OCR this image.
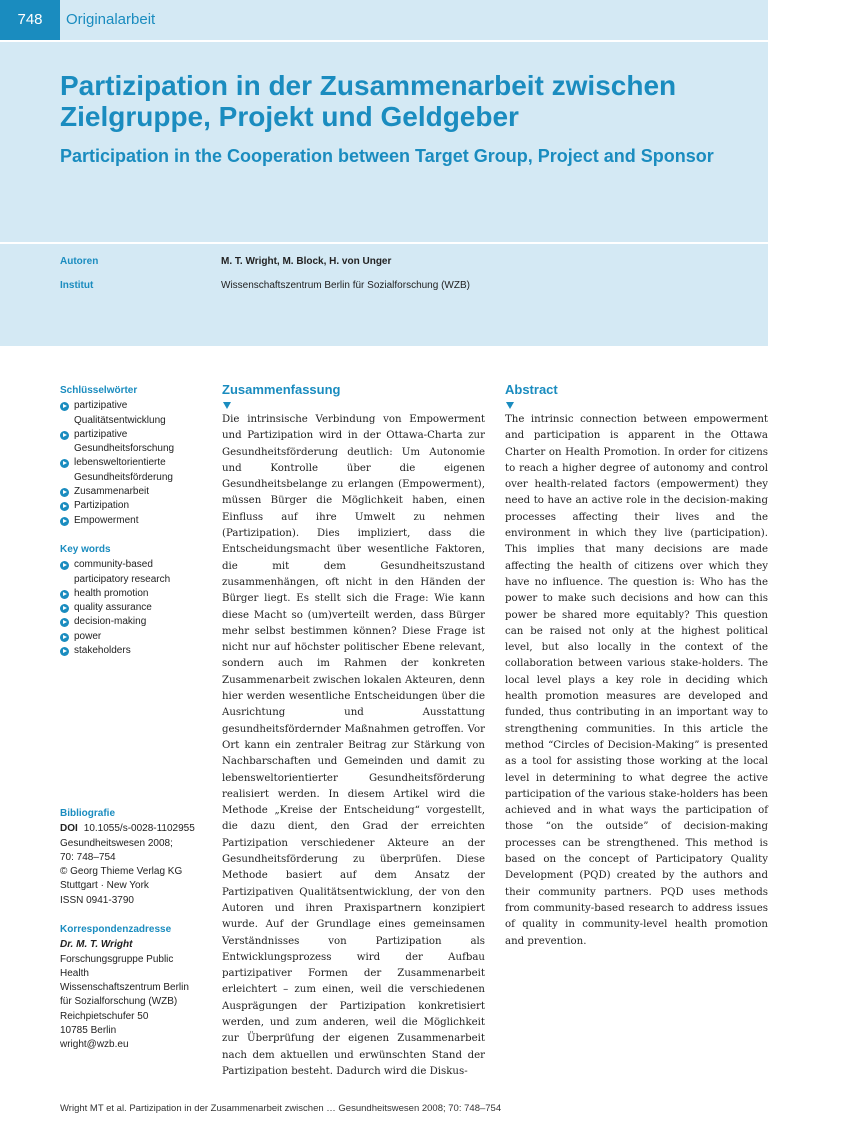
748	Originalarbeit
Partizipation in der Zusammenarbeit zwischen Zielgruppe, Projekt und Geldgeber
Participation in the Cooperation between Target Group, Project and Sponsor
Autoren	M. T. Wright, M. Block, H. von Unger
Institut	Wissenschaftszentrum Berlin für Sozialforschung (WZB)
Schlüsselwörter
partizipative
Qualitätsentwicklung
partizipative
Gesundheitsforschung
lebensweltorientierte
Gesundheitsförderung
Zusammenarbeit
Partizipation
Empowerment
Key words
community-based
participatory research
health promotion
quality assurance
decision-making
power
stakeholders
Bibliografie
DOI 10.1055/s-0028-1102955
Gesundheitswesen 2008;
70: 748–754
© Georg Thieme Verlag KG
Stuttgart · New York
ISSN 0941-3790
Korrespondenzadresse
Dr. M. T. Wright
Forschungsgruppe Public
Health
Wissenschaftszentrum Berlin
für Sozialforschung (WZB)
Reichpietschufer 50
10785 Berlin
wright@wzb.eu
Zusammenfassung

Die intrinsische Verbindung von Empowerment und Partizipation wird in der Ottawa-Charta zur Gesundheitsförderung deutlich: Um Autonomie und Kontrolle über die eigenen Gesundheitsbelange zu erlangen (Empowerment), müssen Bürger die Möglichkeit haben, einen Einfluss auf ihre Umwelt zu nehmen (Partizipation). Dies impliziert, dass die Entscheidungsmacht über wesentliche Faktoren, die mit dem Gesundheitszustand zusammenhängen, oft nicht in den Händen der Bürger liegt. Es stellt sich die Frage: Wie kann diese Macht so (um)verteilt werden, dass Bürger mehr selbst bestimmen können? Diese Frage ist nicht nur auf höchster politischer Ebene relevant, sondern auch im Rahmen der konkreten Zusammenarbeit zwischen lokalen Akteuren, denn hier werden wesentliche Entscheidungen über die Ausrichtung und Ausstattung gesundheitsfördernder Maßnahmen getroffen. Vor Ort kann ein zentraler Beitrag zur Stärkung von Nachbarschaften und Gemeinden und damit zu lebensweltorientierter Gesundheitsförderung realisiert werden. In diesem Artikel wird die Methode „Kreise der Entscheidung“ vorgestellt, die dazu dient, den Grad der erreichten Partizipation verschiedener Akteure an der Gesundheitsförderung zu überprüfen. Diese Methode basiert auf dem Ansatz der Partizipativen Qualitätsentwicklung, der von den Autoren und ihren Praxispartnern konzipiert wurde. Auf der Grundlage eines gemeinsamen Verständnisses von Partizipation als Entwicklungsprozess wird der Aufbau partizipativer Formen der Zusammenarbeit erleichtert – zum einen, weil die verschiedenen Ausprägungen der Partizipation konkretisiert werden, und zum anderen, weil die Möglichkeit zur Überprüfung der eigenen Zusammenarbeit nach dem aktuellen und erwünschten Stand der Partizipation besteht. Dadurch wird die Diskus-

Abstract

The intrinsic connection between empowerment and participation is apparent in the Ottawa Charter on Health Promotion. In order for citizens to reach a higher degree of autonomy and control over health-related factors (empowerment) they need to have an active role in the decision-making processes affecting their lives and the environment in which they live (participation). This implies that many decisions are made affecting the health of citizens over which they have no influence. The question is: Who has the power to make such decisions and how can this power be shared more equitably? This question can be raised not only at the highest political level, but also locally in the context of the collaboration between various stake-holders. The local level plays a key role in deciding which health promotion measures are developed and funded, thus contributing in an important way to strengthening communities. In this article the method “Circles of Decision-Making” is presented as a tool for assisting those working at the local level in determining to what degree the active participation of the various stake-holders has been achieved and in what ways the participation of those “on the outside” of decision-making processes can be strengthened. This method is based on the concept of Participatory Quality Development (PQD) created by the authors and their community partners. PQD uses methods from community-based research to address issues of quality in community-level health promotion and prevention.

Wright MT et al. Partizipation in der Zusammenarbeit zwischen … Gesundheitswesen 2008; 70: 748–754
